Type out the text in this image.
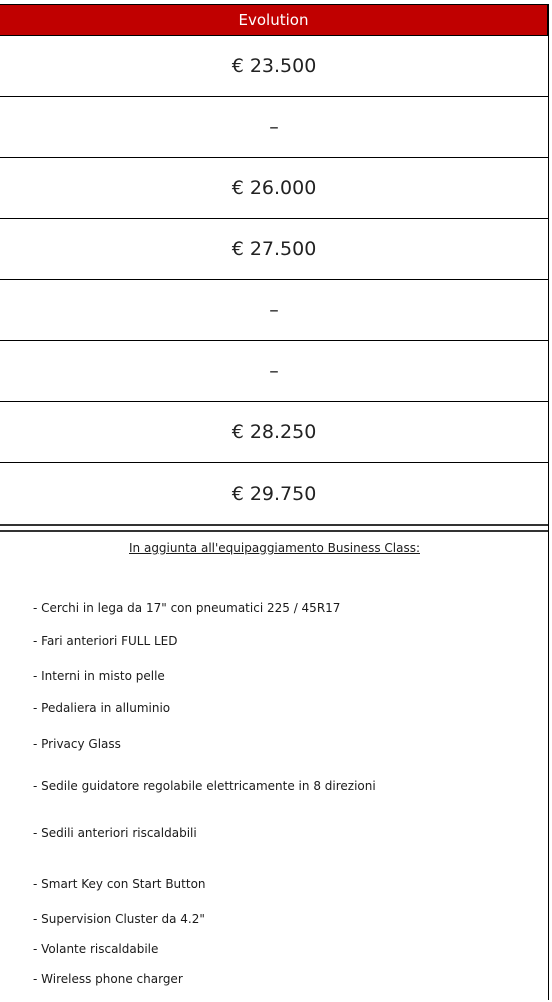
Evolution
€ 23.500
–
€ 26.000
€ 27.500
–
–
€ 28.250
€ 29.750
In aggiunta all'equipaggiamento Business Class:
- Cerchi in lega da 17" con pneumatici 225 / 45R17
- Fari anteriori FULL LED
- Interni in misto pelle
- Pedaliera in alluminio
- Privacy Glass
- Sedile guidatore regolabile elettricamente in 8 direzioni
- Sedili anteriori riscaldabili
- Smart Key con Start Button
- Supervision Cluster da 4.2"
- Volante riscaldabile
- Wireless phone charger
